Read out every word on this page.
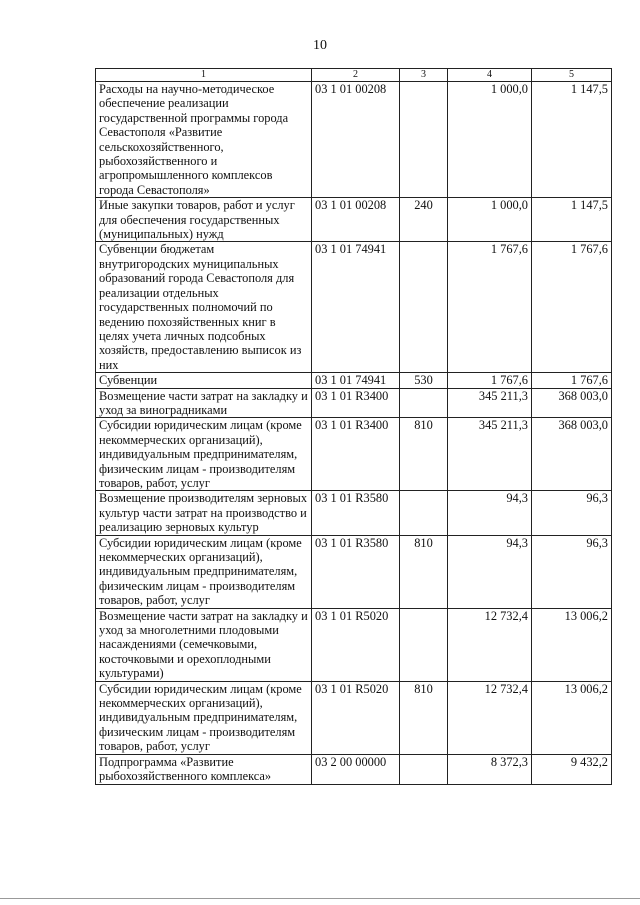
10
1	2	3	4	5
Расходы на научно-методическое обеспечение реализации государственной программы города Севастополя «Развитие сельскохозяйственного, рыбохозяйственного и агропромышленного комплексов города Севастополя»	03 1 01 00208		1 000,0	1 147,5
Иные закупки товаров, работ и услуг для обеспечения государственных (муниципальных) нужд	03 1 01 00208	240	1 000,0	1 147,5
Субвенции бюджетам внутригородских муниципальных образований города Севастополя для реализации отдельных государственных полномочий по ведению похозяйственных книг в целях учета личных подсобных хозяйств, предоставлению выписок из них	03 1 01 74941		1 767,6	1 767,6
Субвенции	03 1 01 74941	530	1 767,6	1 767,6
Возмещение части затрат на закладку и уход за виноградниками	03 1 01 R3400		345 211,3	368 003,0
Субсидии юридическим лицам (кроме некоммерческих организаций), индивидуальным предпринимателям, физическим лицам - производителям товаров, работ, услуг	03 1 01 R3400	810	345 211,3	368 003,0
Возмещение производителям зерновых культур части затрат на производство и реализацию зерновых культур	03 1 01 R3580		94,3	96,3
Субсидии юридическим лицам (кроме некоммерческих организаций), индивидуальным предпринимателям, физическим лицам - производителям товаров, работ, услуг	03 1 01 R3580	810	94,3	96,3
Возмещение части затрат на закладку и уход за многолетними плодовыми насаждениями (семечковыми, косточковыми и орехоплодными культурами)	03 1 01 R5020		12 732,4	13 006,2
Субсидии юридическим лицам (кроме некоммерческих организаций), индивидуальным предпринимателям, физическим лицам - производителям товаров, работ, услуг	03 1 01 R5020	810	12 732,4	13 006,2
Подпрограмма «Развитие рыбохозяйственного комплекса»	03 2 00 00000		8 372,3	9 432,2
